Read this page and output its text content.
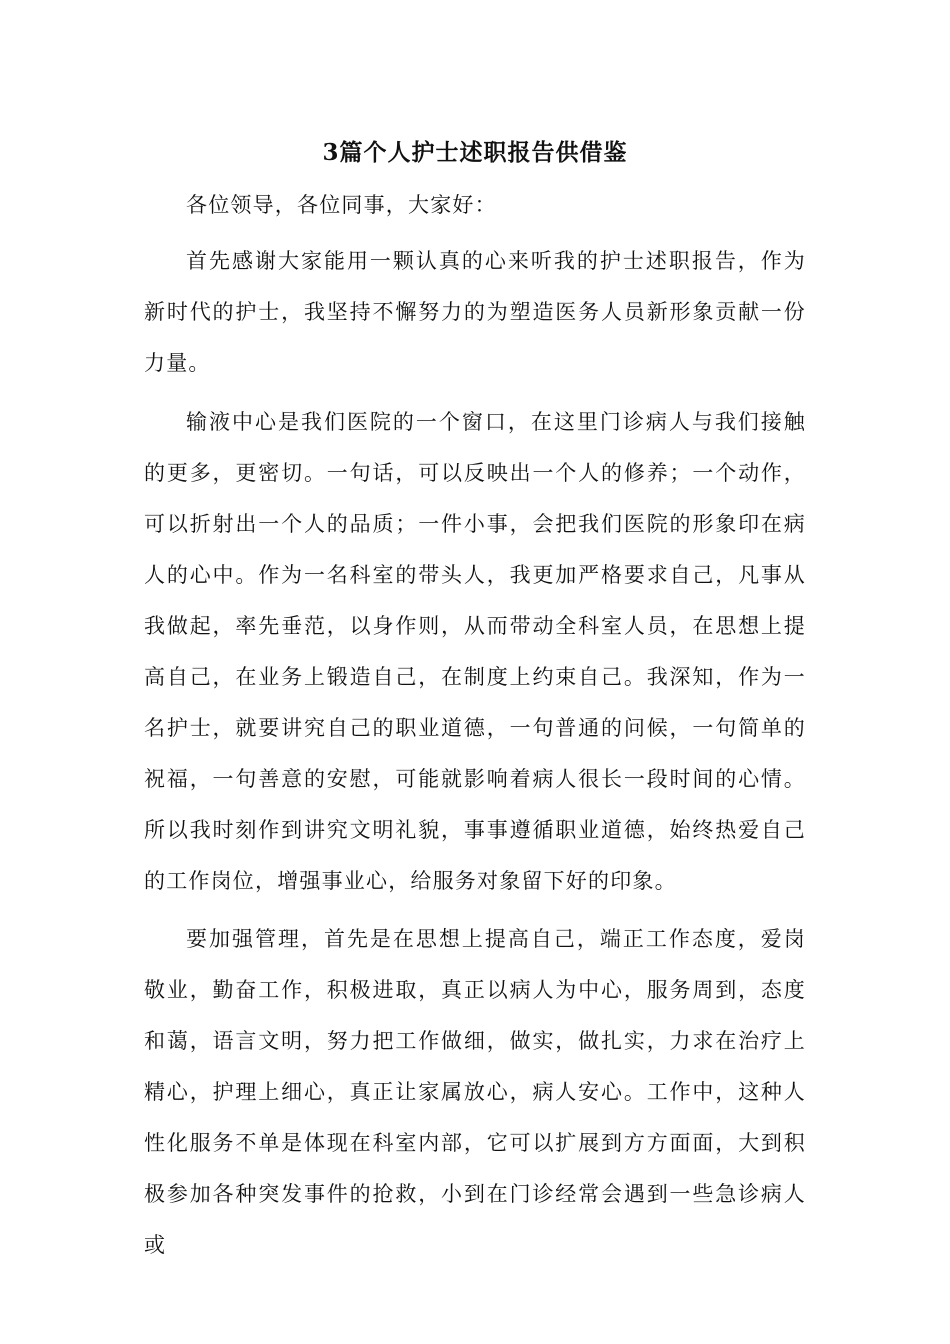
3篇个人护士述职报告供借鉴

各位领导，各位同事，大家好：

首先感谢大家能用一颗认真的心来听我的护士述职报告，作为新时代的护士，我坚持不懈努力的为塑造医务人员新形象贡献一份力量。

输液中心是我们医院的一个窗口，在这里门诊病人与我们接触的更多，更密切。一句话，可以反映出一个人的修养；一个动作，可以折射出一个人的品质；一件小事，会把我们医院的形象印在病人的心中。作为一名科室的带头人，我更加严格要求自己，凡事从我做起，率先垂范，以身作则，从而带动全科室人员，在思想上提高自己，在业务上锻造自己，在制度上约束自己。我深知，作为一名护士，就要讲究自己的职业道德，一句普通的问候，一句简单的祝福，一句善意的安慰，可能就影响着病人很长一段时间的心情。所以我时刻作到讲究文明礼貌，事事遵循职业道德，始终热爱自己的工作岗位，增强事业心，给服务对象留下好的印象。

要加强管理，首先是在思想上提高自己，端正工作态度，爱岗敬业，勤奋工作，积极进取，真正以病人为中心，服务周到，态度和蔼，语言文明，努力把工作做细，做实，做扎实，力求在治疗上精心，护理上细心，真正让家属放心，病人安心。工作中，这种人性化服务不单是体现在科室内部，它可以扩展到方方面面，大到积极参加各种突发事件的抢救，小到在门诊经常会遇到一些急诊病人或
